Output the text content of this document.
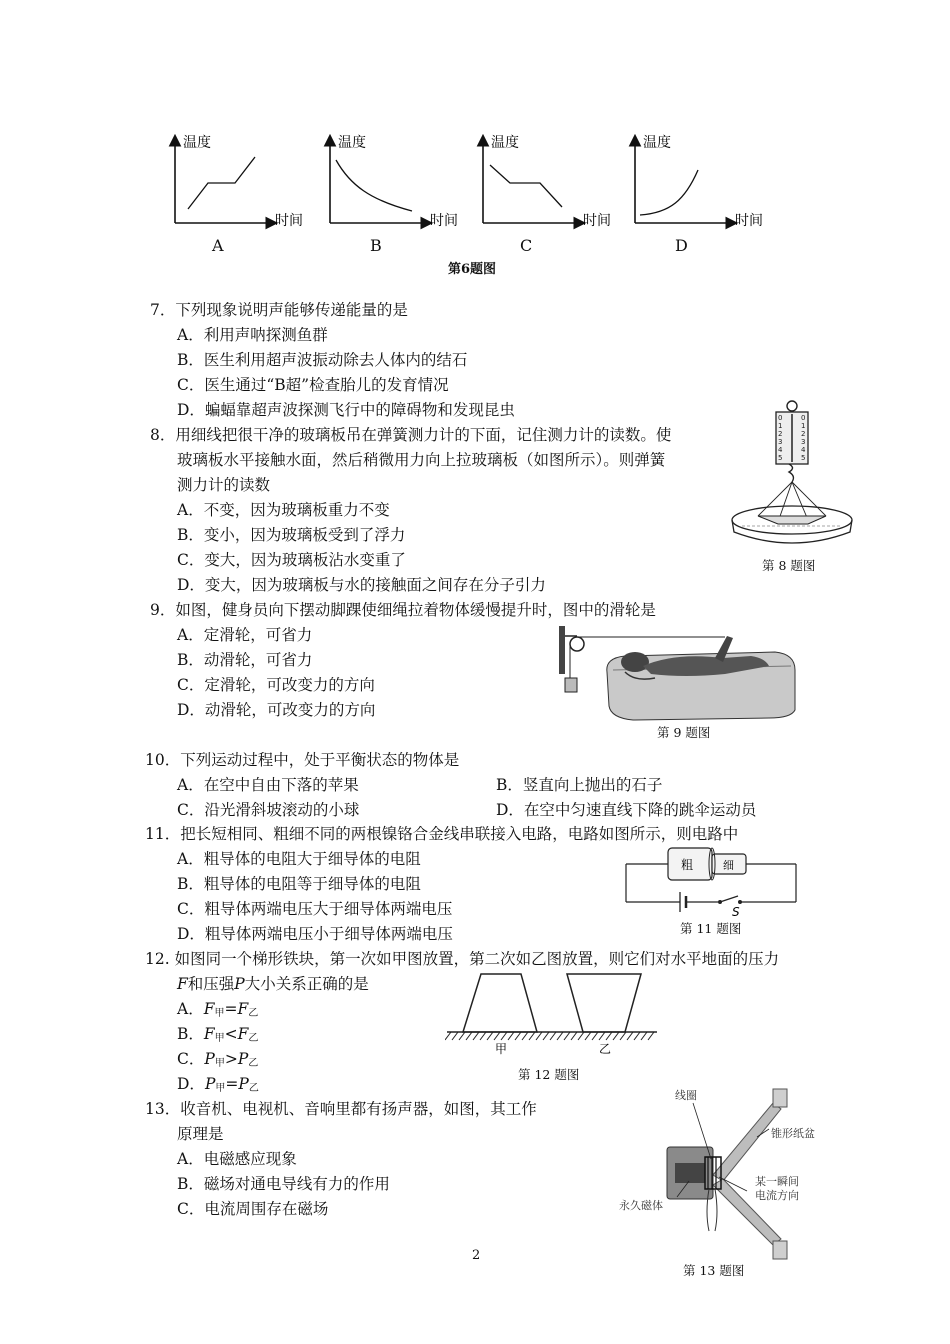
温度
时间
温度
时间
温度
时间
温度
时间
A	B	C	D
第6题图
7．下列现象说明声能够传递能量的是
A．利用声呐探测鱼群
B．医生利用超声波振动除去人体内的结石
C．医生通过“B超”检查胎儿的发育情况
D．蝙蝠靠超声波探测飞行中的障碍物和发现昆虫
8．用细线把很干净的玻璃板吊在弹簧测力计的下面，记住测力计的读数。使
玻璃板水平接触水面，然后稍微用力向上拉玻璃板（如图所示）。则弹簧
测力计的读数
A．不变，因为玻璃板重力不变
B．变小，因为玻璃板受到了浮力
C．变大，因为玻璃板沾水变重了
D．变大，因为玻璃板与水的接触面之间存在分子引力
0
1
2
3
4
5
0
1
2
3
4
5
第 8 题图
9．如图，健身员向下摆动脚踝使细绳拉着物体缓慢提升时，图中的滑轮是
A．定滑轮，可省力
B．动滑轮，可省力
C．定滑轮，可改变力的方向
D．动滑轮，可改变力的方向
第 9 题图
10．下列运动过程中，处于平衡状态的物体是
A．在空中自由下落的苹果	B．竖直向上抛出的石子
C．沿光滑斜坡滚动的小球	D．在空中匀速直线下降的跳伞运动员
11．把长短相同、粗细不同的两根镍铬合金线串联接入电路，电路如图所示，则电路中
A．粗导体的电阻大于细导体的电阻
B．粗导体的电阻等于细导体的电阻
C．粗导体两端电压大于细导体两端电压
D．粗导体两端电压小于细导体两端电压
粗	细
S
第 11 题图
12. 如图同一个梯形铁块，第一次如甲图放置，第二次如乙图放置，则它们对水平地面的压力
F和压强P大小关系正确的是
A．$F_甲=F_乙$
B．$F_甲<F_乙$
C．$P_甲>P_乙$
D．$P_甲=P_乙$
甲	乙
第 12 题图
13．收音机、电视机、音响里都有扬声器，如图，其工作
原理是
A．电磁感应现象
B．磁场对通电导线有力的作用
C．电流周围存在磁场
线圈
锥形纸盆
永久磁体
某一瞬间
电流方向
第 13 题图
2
